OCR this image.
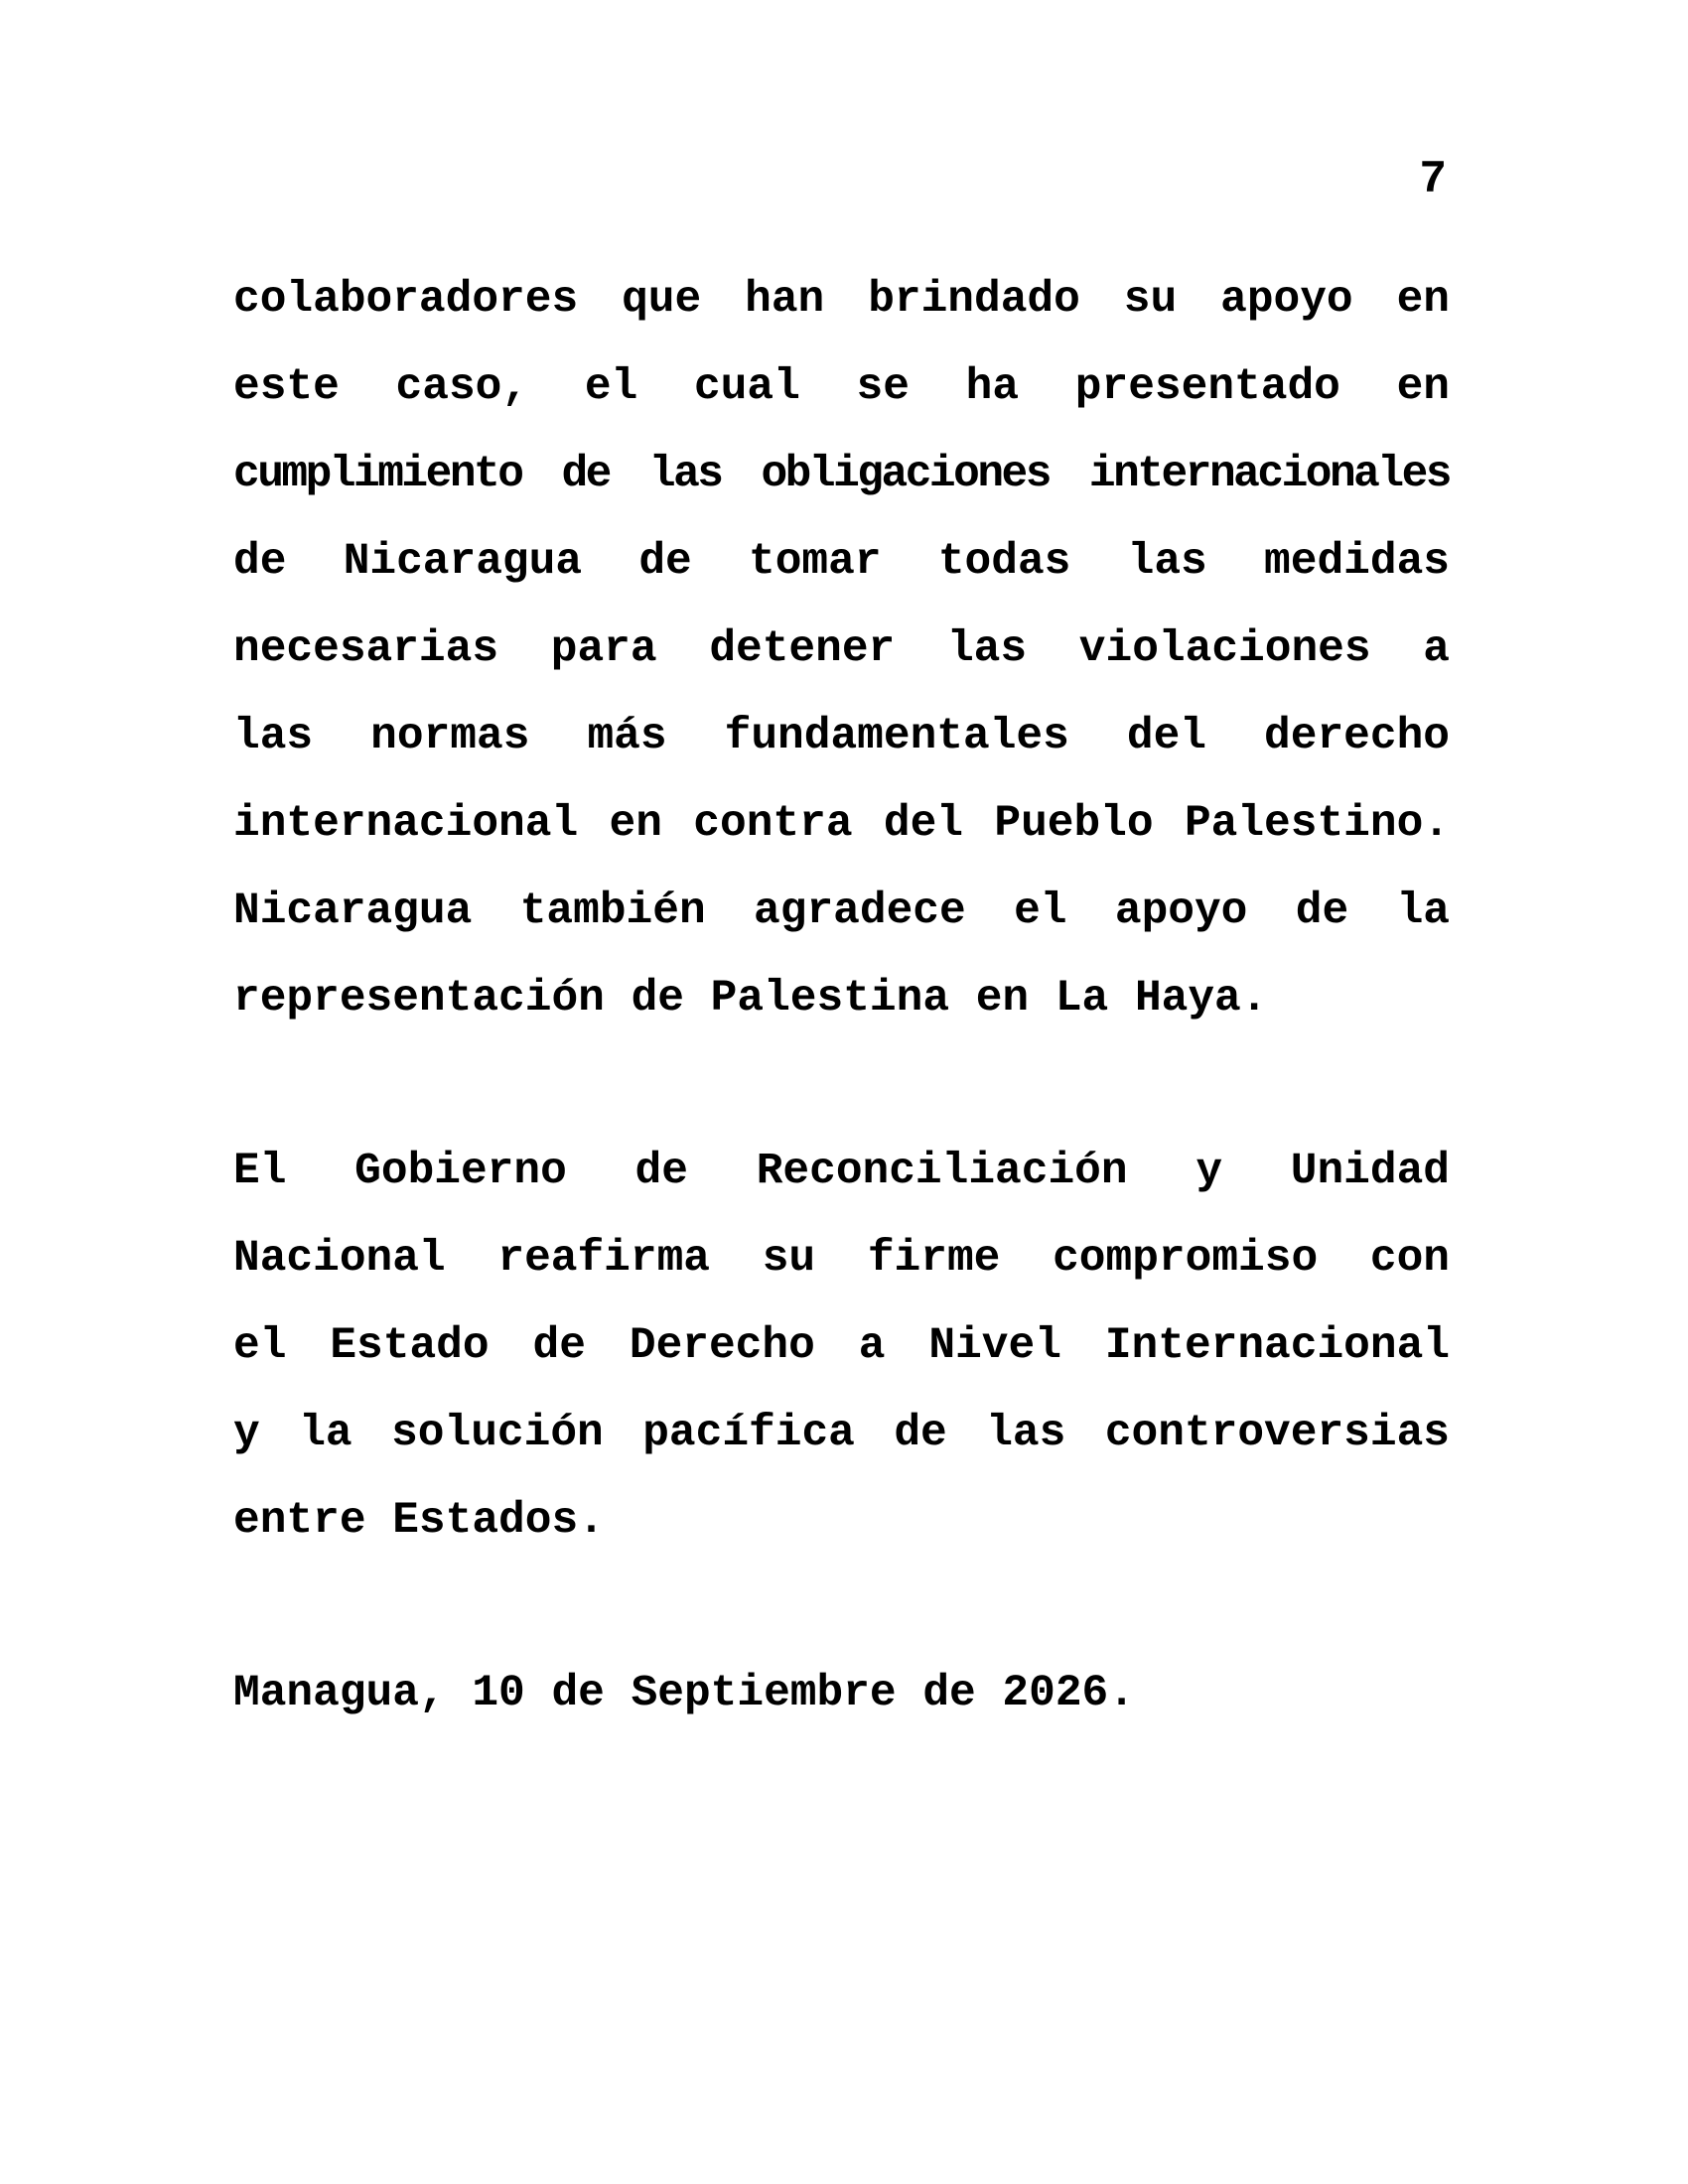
7
colaboradores que han brindado su apoyo en
este caso, el cual se ha presentado en
cumplimiento de las obligaciones internacionales
de Nicaragua de tomar todas las medidas
necesarias para detener las violaciones a
las normas más fundamentales del derecho
internacional en contra del Pueblo Palestino.
Nicaragua también agradece el apoyo de la
representación de Palestina en La Haya.
El Gobierno de Reconciliación y Unidad
Nacional reafirma su firme compromiso con
el Estado de Derecho a Nivel Internacional
y la solución pacífica de las controversias
entre Estados.
Managua, 10 de Septiembre de 2026.
